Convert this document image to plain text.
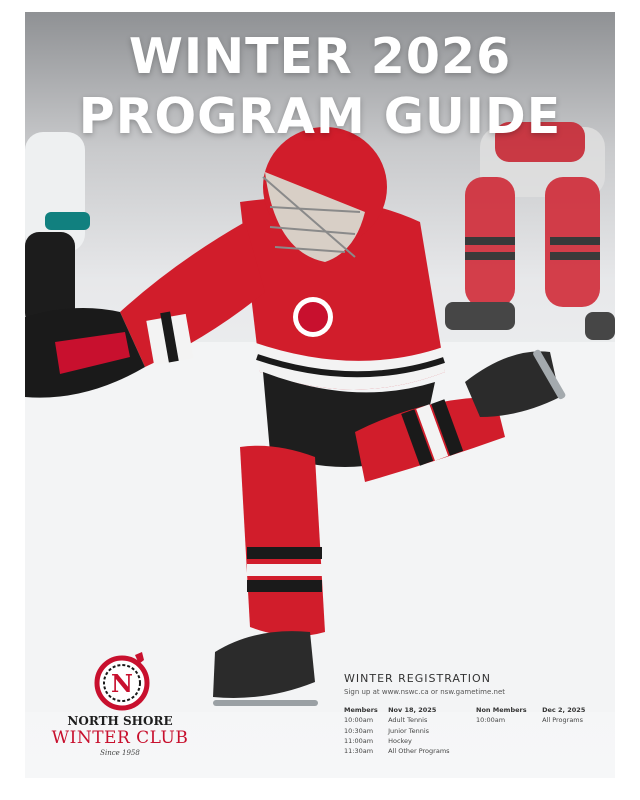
WINTER 2026
PROGRAM GUIDE
N
NORTH SHORE
WINTER CLUB
Since 1958
WINTER REGISTRATION
Sign up at www.nswc.ca or nsw.gametime.net
Members Nov 18, 2025
10:00am Adult Tennis
10:30am Junior Tennis
11:00am Hockey
11:30am All Other Programs
Non Members Dec 2, 2025
10:00am	All Programs
